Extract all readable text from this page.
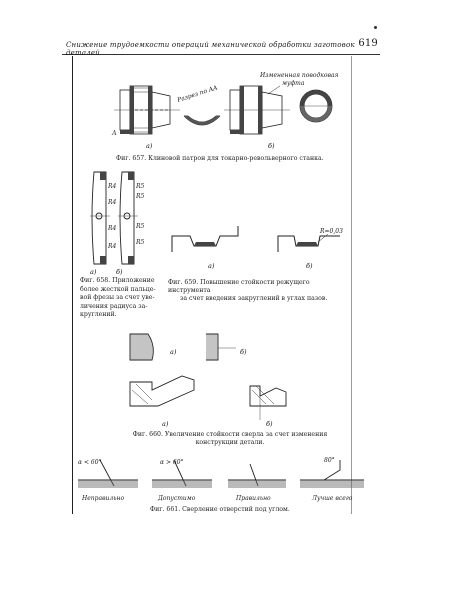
Снижение трудоемкости операций механической обработки заготовок деталей
619
Разрез по АА
А
а)
Измененная поводковая
муфта
б)
Фиг. 657. Клиновой патрон для токарно-револьверного станка.
R4
R4
R4
R4
R5
R5
R5
R5
а)	б)
Фиг. 658. Приложение
более жесткой пальце-
вой фрезы за счет уве-
личения радиуса за-
круглений.
R=0,03
а)	б)
Фиг. 659. Повышение стойкости режущего инструмента
за счет введения закруглений в углах пазов.
а)	б)
а)	б)
Фиг. 660. Увеличение стойкости сверла за счет изменения
конструкции детали.
α < 60°	α > 60°	80°
Неправильно	Допустимо	Правильно	Лучше всего
Фиг. 661. Сверление отверстий под углом.
